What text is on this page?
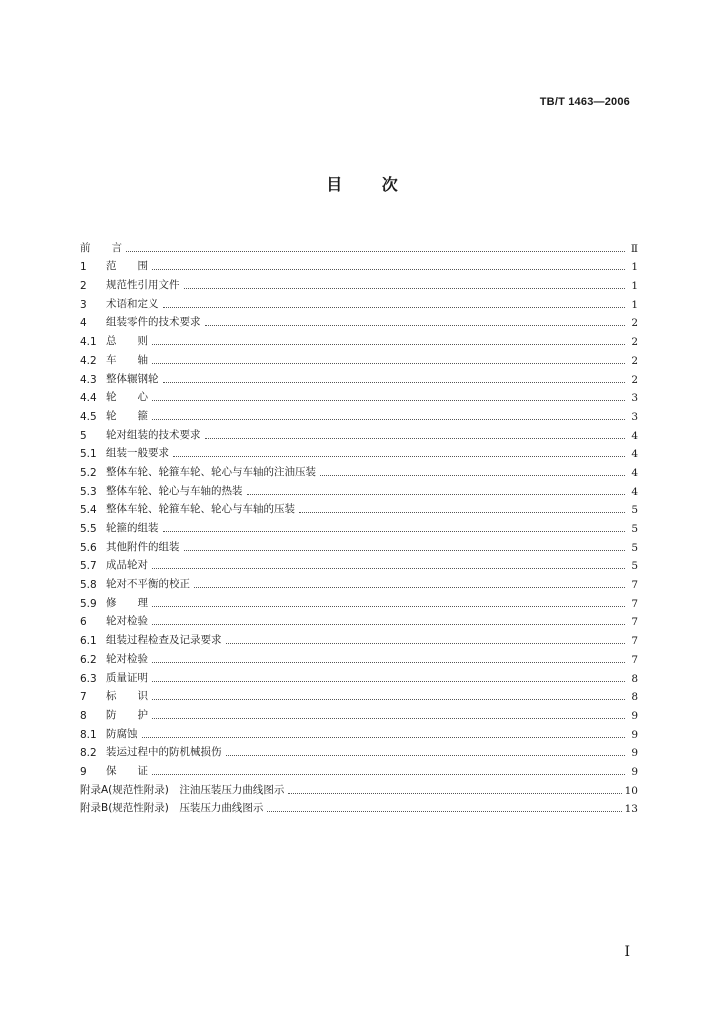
TB/T 1463—2006
目 次
前　　言	Ⅱ
1	范　　围	1
2	规范性引用文件	1
3	术语和定义	1
4	组装零件的技术要求	2
4.1 总　　则	2
4.2 车　　轴	2
4.3 整体辗钢轮	2
4.4 轮　　心	3
4.5 轮　　箍	3
5	轮对组装的技术要求	4
5.1 组装一般要求	4
5.2 整体车轮、轮箍车轮、轮心与车轴的注油压装	4
5.3 整体车轮、轮心与车轴的热装	4
5.4 整体车轮、轮箍车轮、轮心与车轴的压装	5
5.5 轮箍的组装	5
5.6 其他附件的组装	5
5.7 成品轮对	5
5.8 轮对不平衡的校正	7
5.9 修　　理	7
6	轮对检验	7
6.1 组装过程检查及记录要求	7
6.2 轮对检验	7
6.3 质量证明	8
7	标　　识	8
8	防　　护	9
8.1 防腐蚀	9
8.2 装运过程中的防机械损伤	9
9	保　　证	9
附录A(规范性附录)　注油压装压力曲线图示	10
附录B(规范性附录)　压装压力曲线图示	13
I
